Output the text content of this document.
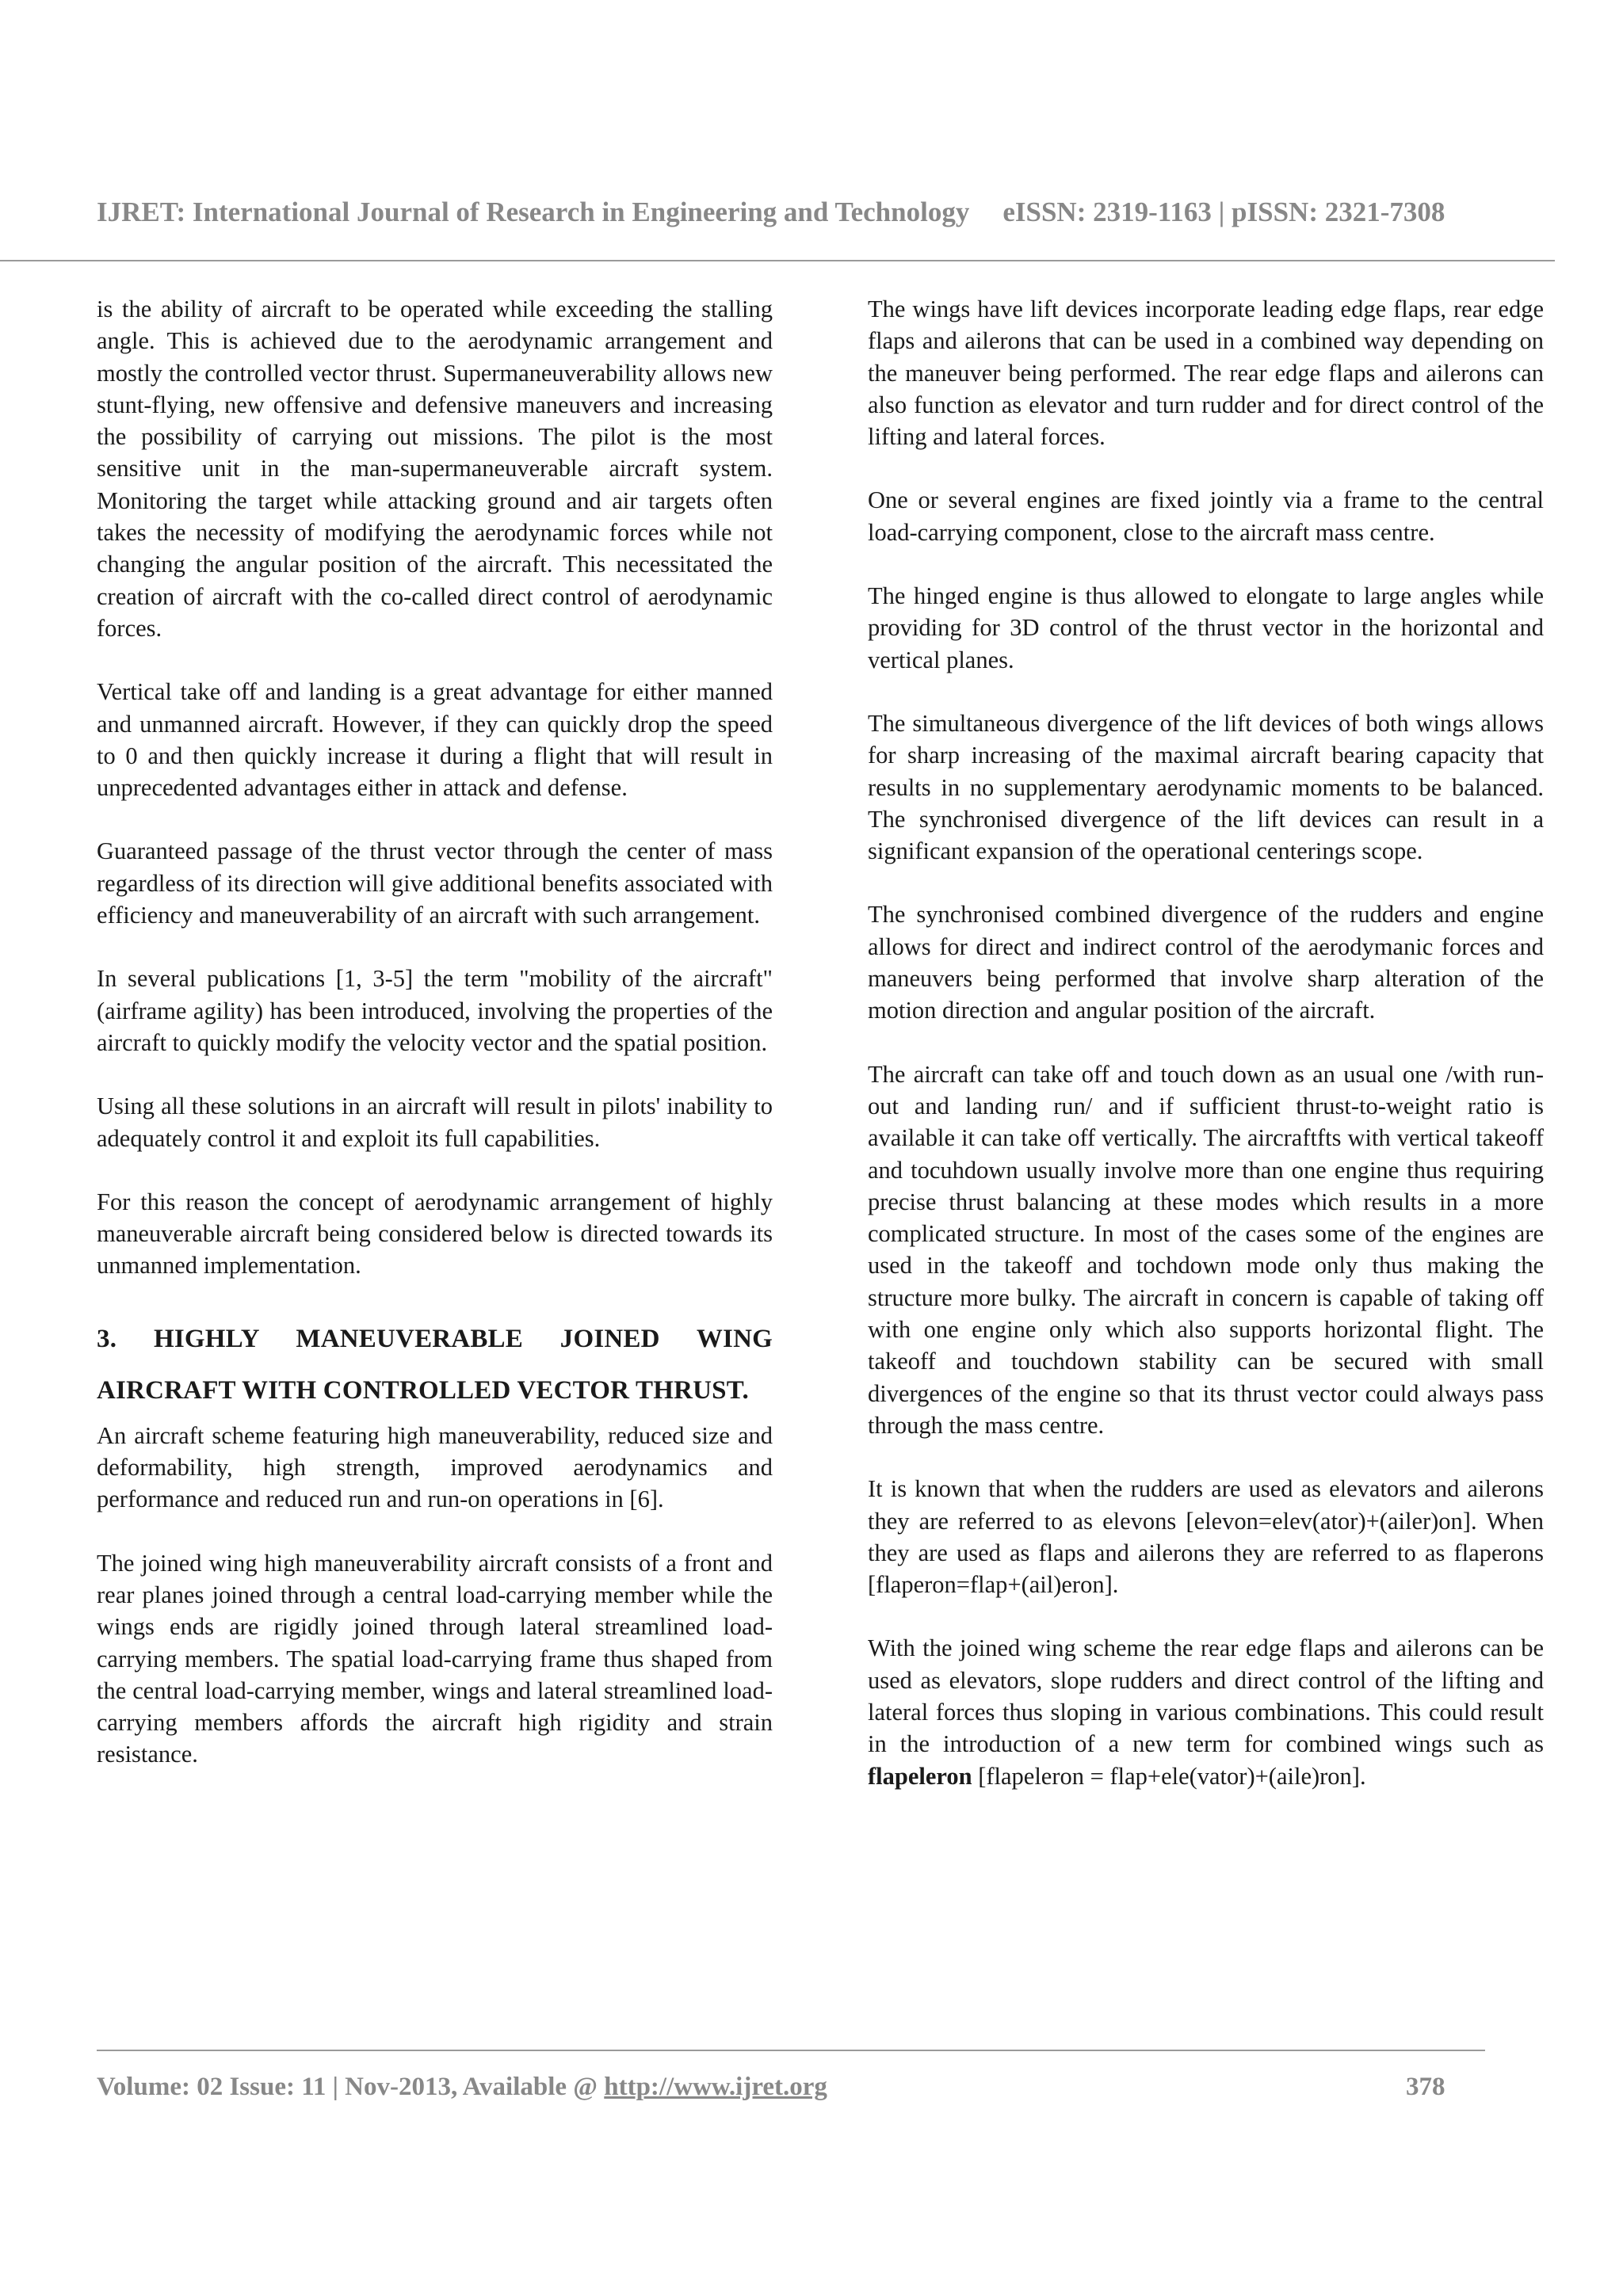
IJRET: International Journal of Research in Engineering and Technology eISSN: 2319-1163 | pISSN: 2321-7308

is the ability of aircraft to be operated while exceeding the stalling angle. This is achieved due to the aerodynamic arrangement and mostly the controlled vector thrust. Supermaneuverability allows new stunt-flying, new offensive and defensive maneuvers and increasing the possibility of carrying out missions. The pilot is the most sensitive unit in the man-supermaneuverable aircraft system. Monitoring the target while attacking ground and air targets often takes the necessity of modifying the aerodynamic forces while not changing the angular position of the aircraft. This necessitated the creation of aircraft with the co-called direct control of aerodynamic forces.

Vertical take off and landing is a great advantage for either manned and unmanned aircraft. However, if they can quickly drop the speed to 0 and then quickly increase it during a flight that will result in unprecedented advantages either in attack and defense.

Guaranteed passage of the thrust vector through the center of mass regardless of its direction will give additional benefits associated with efficiency and maneuverability of an aircraft with such arrangement.

In several publications [1, 3-5] the term "mobility of the aircraft" (airframe agility) has been introduced, involving the properties of the aircraft to quickly modify the velocity vector and the spatial position.

Using all these solutions in an aircraft will result in pilots' inability to adequately control it and exploit its full capabilities.

For this reason the concept of aerodynamic arrangement of highly maneuverable aircraft being considered below is directed towards its unmanned implementation.

3. HIGHLY MANEUVERABLE JOINED WING AIRCRAFT WITH CONTROLLED VECTOR THRUST.

An aircraft scheme featuring high maneuverability, reduced size and deformability, high strength, improved aerodynamics and performance and reduced run and run-on operations in [6].

The joined wing high maneuverability aircraft consists of a front and rear planes joined through a central load-carrying member while the wings ends are rigidly joined through lateral streamlined load-carrying members. The spatial load-carrying frame thus shaped from the central load-carrying member, wings and lateral streamlined load-carrying members affords the aircraft high rigidity and strain resistance.

The wings have lift devices incorporate leading edge flaps, rear edge flaps and ailerons that can be used in a combined way depending on the maneuver being performed. The rear edge flaps and ailerons can also function as elevator and turn rudder and for direct control of the lifting and lateral forces.

One or several engines are fixed jointly via a frame to the central load-carrying component, close to the aircraft mass centre.

The hinged engine is thus allowed to elongate to large angles while providing for 3D control of the thrust vector in the horizontal and vertical planes.

The simultaneous divergence of the lift devices of both wings allows for sharp increasing of the maximal aircraft bearing capacity that results in no supplementary aerodynamic moments to be balanced. The synchronised divergence of the lift devices can result in a significant expansion of the operational centerings scope.

The synchronised combined divergence of the rudders and engine allows for direct and indirect control of the aerodymanic forces and maneuvers being performed that involve sharp alteration of the motion direction and angular position of the aircraft.

The aircraft can take off and touch down as an usual one /with run-out and landing run/ and if sufficient thrust-to-weight ratio is available it can take off vertically. The aircraftfts with vertical takeoff and tocuhdown usually involve more than one engine thus requiring precise thrust balancing at these modes which results in a more complicated structure. In most of the cases some of the engines are used in the takeoff and tochdown mode only thus making the structure more bulky. The aircraft in concern is capable of taking off with one engine only which also supports horizontal flight. The takeoff and touchdown stability can be secured with small divergences of the engine so that its thrust vector could always pass through the mass centre.

It is known that when the rudders are used as elevators and ailerons they are referred to as elevons [elevon=elev(ator)+(ailer)on]. When they are used as flaps and ailerons they are referred to as flaperons [flaperon=flap+(ail)eron].

With the joined wing scheme the rear edge flaps and ailerons can be used as elevators, slope rudders and direct control of the lifting and lateral forces thus sloping in various combinations. This could result in the introduction of a new term for combined wings such as flapeleron [flapeleron = flap+ele(vator)+(aile)ron].

Volume: 02 Issue: 11 | Nov-2013, Available @ http://www.ijret.org	378
